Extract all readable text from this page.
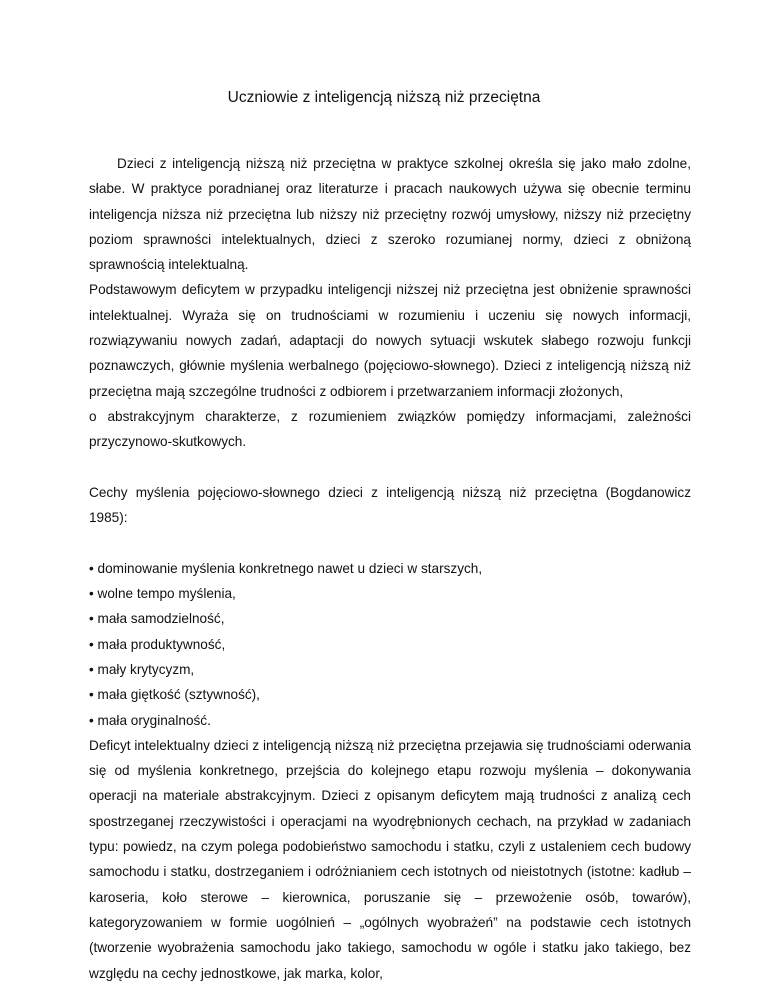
Uczniowie z inteligencją niższą niż przeciętna

Dzieci z inteligencją niższą niż przeciętna w praktyce szkolnej określa się jako mało zdolne, słabe. W praktyce poradnianej oraz literaturze i pracach naukowych używa się obecnie terminu inteligencja niższa niż przeciętna lub niższy niż przeciętny rozwój umysłowy, niższy niż przeciętny poziom sprawności intelektualnych, dzieci z szeroko rozumianej normy, dzieci z obniżoną sprawnością intelektualną.

Podstawowym deficytem w przypadku inteligencji niższej niż przeciętna jest obniżenie sprawności intelektualnej. Wyraża się on trudnościami w rozumieniu i uczeniu się nowych informacji, rozwiązywaniu nowych zadań, adaptacji do nowych sytuacji wskutek słabego rozwoju funkcji poznawczych, głównie myślenia werbalnego (pojęciowo-słownego). Dzieci z inteligencją niższą niż przeciętna mają szczególne trudności z odbiorem i przetwarzaniem informacji złożonych,

o abstrakcyjnym charakterze, z rozumieniem związków pomiędzy informacjami, zależności przyczynowo-skutkowych.

Cechy myślenia pojęciowo-słownego dzieci z inteligencją niższą niż przeciętna (Bogdanowicz 1985):

• dominowanie myślenia konkretnego nawet u dzieci w starszych,
• wolne tempo myślenia,
• mała samodzielność,
• mała produktywność,
• mały krytycyzm,
• mała giętkość (sztywność),
• mała oryginalność.

Deficyt intelektualny dzieci z inteligencją niższą niż przeciętna przejawia się trudnościami oderwania się od myślenia konkretnego, przejścia do kolejnego etapu rozwoju myślenia – dokonywania operacji na materiale abstrakcyjnym. Dzieci z opisanym deficytem mają trudności z analizą cech spostrzeganej rzeczywistości i operacjami na wyodrębnionych cechach, na przykład w zadaniach typu: powiedz, na czym polega podobieństwo samochodu i statku, czyli z ustaleniem cech budowy samochodu i statku, dostrzeganiem i odróżnianiem cech istotnych od nieistotnych (istotne: kadłub – karoseria, koło sterowe – kierownica, poruszanie się – przewożenie osób, towarów), kategoryzowaniem w formie uogólnień – „ogólnych wyobrażeń” na podstawie cech istotnych (tworzenie wyobrażenia samochodu jako takiego, samochodu w ogóle i statku jako takiego, bez względu na cechy jednostkowe, jak marka, kolor,
